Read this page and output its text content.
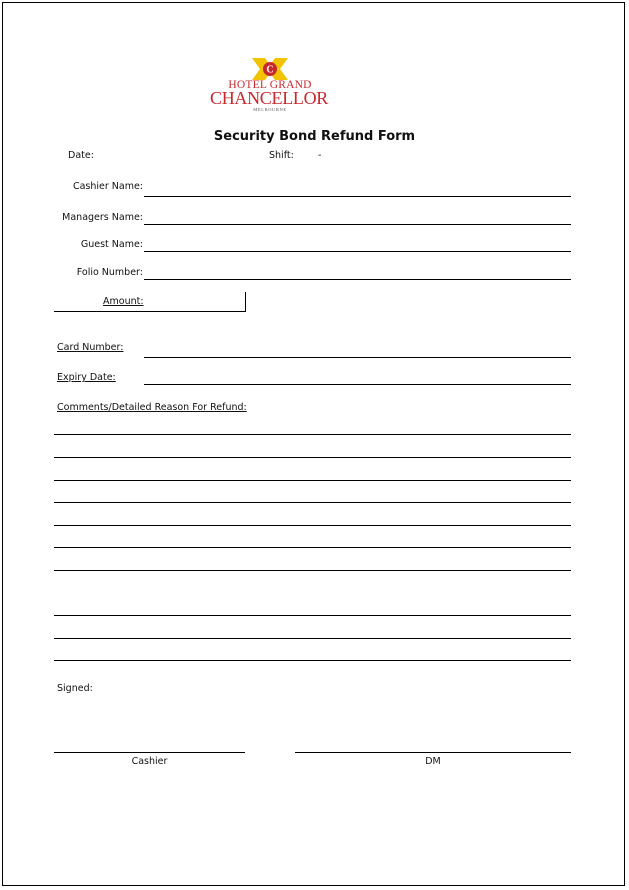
C
HOTEL GRAND
CHANCELLOR
MELBOURNE
Security Bond Refund Form
Date:	Shift:	-
Cashier Name:
Managers Name:
Guest Name:
Folio Number:
Amount:
Card Number:
Expiry Date:
Comments/Detailed Reason For Refund:
Signed:
Cashier	DM
